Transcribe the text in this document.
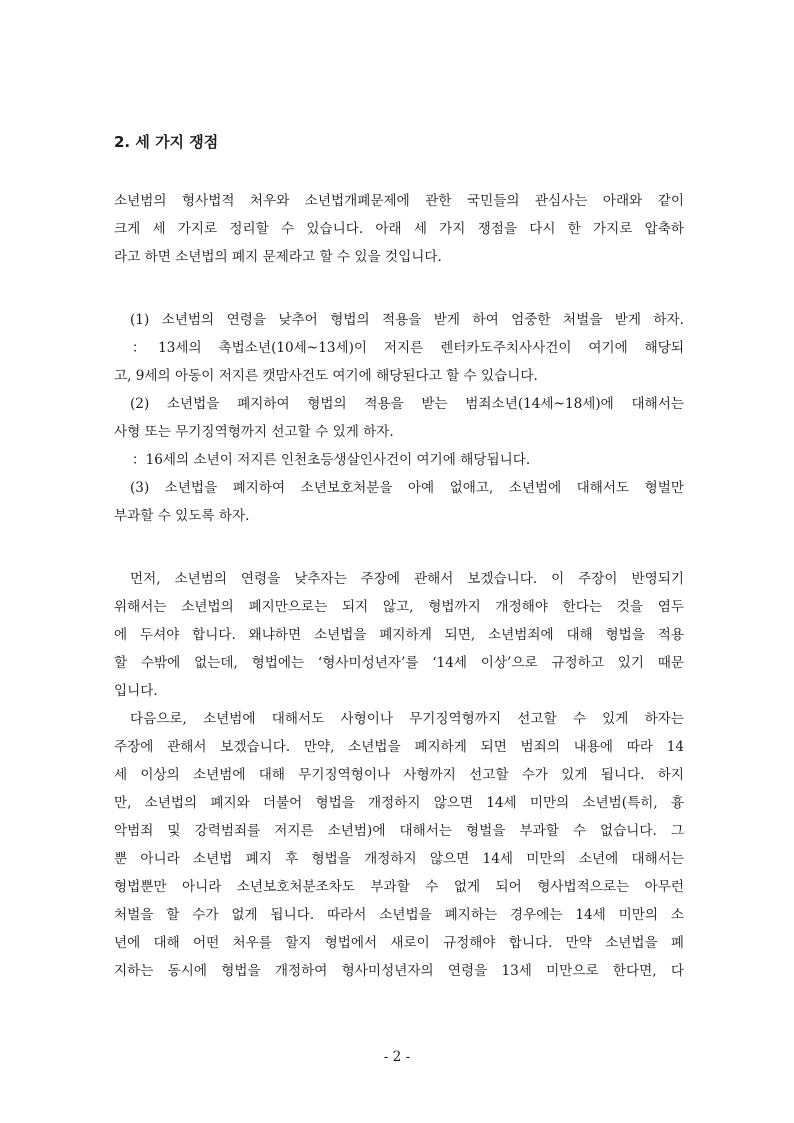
2. 세 가지 쟁점
소년범의 형사법적 처우와 소년법개폐문제에 관한 국민들의 관심사는 아래와 같이
크게 세 가지로 정리할 수 있습니다. 아래 세 가지 쟁점을 다시 한 가지로 압축하
라고 하면 소년법의 폐지 문제라고 할 수 있을 것입니다.
(1) 소년범의 연령을 낮추어 형법의 적용을 받게 하여 엄중한 처벌을 받게 하자.
：13세의 촉법소년(10세~13세)이 저지른 렌터카도주치사사건이 여기에 해당되
고, 9세의 아동이 저지른 캣맘사건도 여기에 해당된다고 할 수 있습니다.
(2) 소년법을 폐지하여 형법의 적용을 받는 범죄소년(14세~18세)에 대해서는
사형 또는 무기징역형까지 선고할 수 있게 하자.
：16세의 소년이 저지른 인천초등생살인사건이 여기에 해당됩니다.
(3) 소년법을 폐지하여 소년보호처분을 아예 없애고, 소년범에 대해서도 형벌만
부과할 수 있도록 하자.
먼저, 소년범의 연령을 낮추자는 주장에 관해서 보겠습니다. 이 주장이 반영되기
위해서는 소년법의 폐지만으로는 되지 않고, 형법까지 개정해야 한다는 것을 염두
에 두셔야 합니다. 왜냐하면 소년법을 폐지하게 되면, 소년범죄에 대해 형법을 적용
할 수밖에 없는데, 형법에는 ‘형사미성년자’를 ‘14세 이상’으로 규정하고 있기 때문
입니다.
다음으로, 소년범에 대해서도 사형이나 무기징역형까지 선고할 수 있게 하자는
주장에 관해서 보겠습니다. 만약, 소년법을 폐지하게 되면 범죄의 내용에 따라 14
세 이상의 소년범에 대해 무기징역형이나 사형까지 선고할 수가 있게 됩니다. 하지
만, 소년법의 폐지와 더불어 형법을 개정하지 않으면 14세 미만의 소년범(특히, 흉
악범죄 및 강력범죄를 저지른 소년범)에 대해서는 형벌을 부과할 수 없습니다. 그
뿐 아니라 소년법 폐지 후 형법을 개정하지 않으면 14세 미만의 소년에 대해서는
형법뿐만 아니라 소년보호처분조차도 부과할 수 없게 되어 형사법적으로는 아무런
처벌을 할 수가 없게 됩니다. 따라서 소년법을 폐지하는 경우에는 14세 미만의 소
년에 대해 어떤 처우를 할지 형법에서 새로이 규정해야 합니다. 만약 소년법을 폐
지하는 동시에 형법을 개정하여 형사미성년자의 연령을 13세 미만으로 한다면, 다
- 2 -
